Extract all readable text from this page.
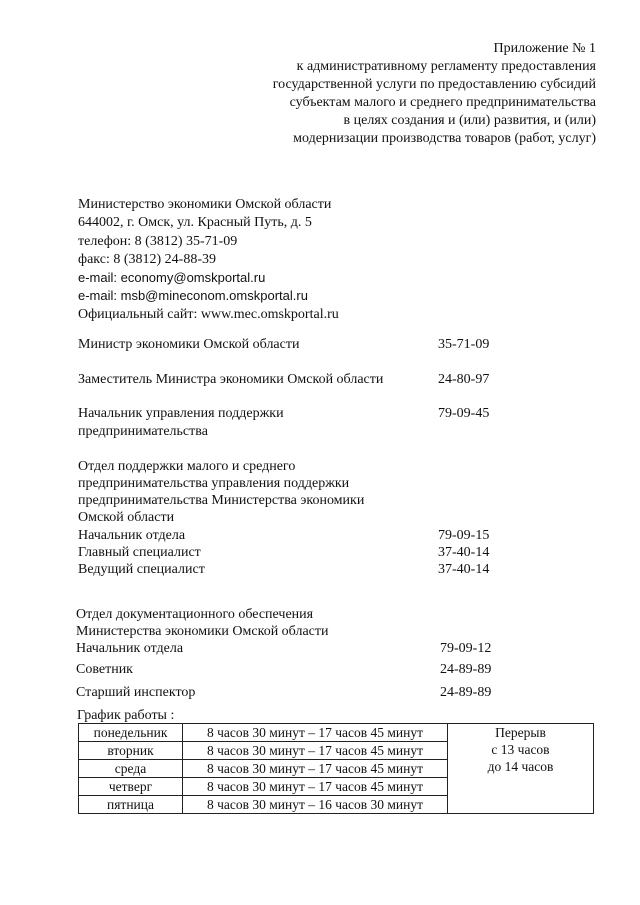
Приложение № 1
к административному регламенту предоставления
государственной услуги по предоставлению субсидий
субъектам малого и среднего предпринимательства
в целях создания и (или) развития, и (или)
модернизации производства товаров (работ, услуг)
Министерство экономики Омской области
644002, г. Омск, ул. Красный Путь, д. 5
телефон: 8 (3812) 35-71-09
факс: 8 (3812) 24-88-39
e-mail: economy@omskportal.ru
e-mail: msb@mineconom.omskportal.ru
Официальный сайт: www.mec.omskportal.ru
Министр экономики Омской области	35-71-09
Заместитель Министра экономики Омской области	24-80-97
Начальник управления поддержки
предпринимательства
79-09-45
Отдел поддержки малого и среднего
предпринимательства управления поддержки
предпринимательства Министерства экономики
Омской области
Начальник отдела	79-09-15
Главный специалист	37-40-14
Ведущий специалист	37-40-14
Отдел документационного обеспечения
Министерства экономики Омской области
Начальник отдела	79-09-12
Советник	24-89-89
Старший инспектор	24-89-89
График работы :
понедельник	8 часов 30 минут – 17 часов 45 минут	Перерыв
с 13 часов
до 14 часов

вторник	8 часов 30 минут – 17 часов 45 минут	
среда	8 часов 30 минут – 17 часов 45 минут	
четверг	8 часов 30 минут – 17 часов 45 минут	
пятница	8 часов 30 минут – 16 часов 30 минут	
